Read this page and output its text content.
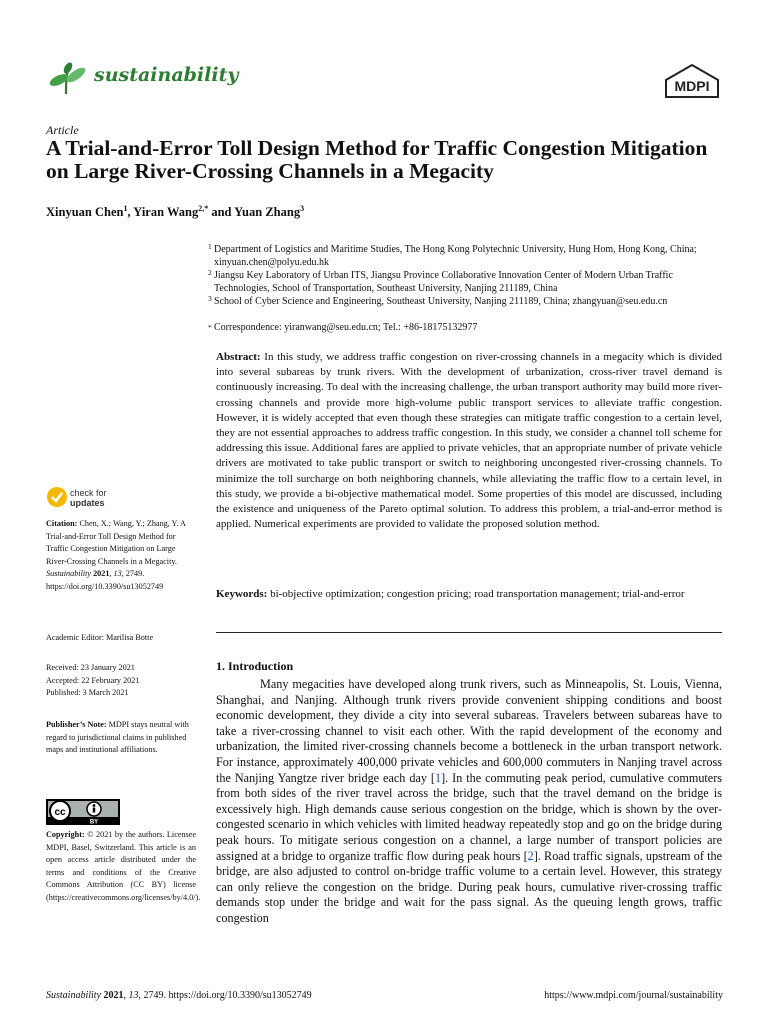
sustainability	MDPI
Article
A Trial-and-Error Toll Design Method for Traffic Congestion Mitigation on Large River-Crossing Channels in a Megacity
Xinyuan Chen$^1$, Yiran Wang$^{2,*}$ and Yuan Zhang$^3$
1 Department of Logistics and Maritime Studies, The Hong Kong Polytechnic University, Hung Hom, Hong Kong, China; xinyuan.chen@polyu.edu.hk
2 Jiangsu Key Laboratory of Urban ITS, Jiangsu Province Collaborative Innovation Center of Modern Urban Traffic Technologies, School of Transportation, Southeast University, Nanjing 211189, China
3 School of Cyber Science and Engineering, Southeast University, Nanjing 211189, China; zhangyuan@seu.edu.cn
* Correspondence: yiranwang@seu.edu.cn; Tel.: +86-18175132977
Abstract: In this study, we address traffic congestion on river-crossing channels in a megacity which is divided into several subareas by trunk rivers. With the development of urbanization, cross-river travel demand is continuously increasing. To deal with the increasing challenge, the urban transport authority may build more river-crossing channels and provide more high-volume public transport services to alleviate traffic congestion. However, it is widely accepted that even though these strategies can mitigate traffic congestion to a certain level, they are not essential approaches to address traffic congestion. In this study, we consider a channel toll scheme for addressing this issue. Additional fares are applied to private vehicles, that an appropriate number of private vehicle drivers are motivated to take public transport or switch to neighboring uncongested river-crossing channels. To minimize the toll surcharge on both neighboring channels, while alleviating the traffic flow to a certain level, in this study, we provide a bi-objective mathematical model. Some properties of this model are discussed, including the existence and uniqueness of the Pareto optimal solution. To address this problem, a trial-and-error method is applied. Numerical experiments are provided to validate the proposed solution method.
Keywords: bi-objective optimization; congestion pricing; road transportation management; trial-and-error
check for
updates
Citation: Chen, X.; Wang, Y.; Zhang, Y. A Trial-and-Error Toll Design Method for Traffic Congestion Mitigation on Large River-Crossing Channels in a Megacity. Sustainability 2021, 13, 2749. https://doi.org/10.3390/su13052749
Academic Editor: Marilisa Botte
Received: 23 January 2021
Accepted: 22 February 2021
Published: 3 March 2021
Publisher’s Note: MDPI stays neutral with regard to jurisdictional claims in published maps and institutional affiliations.
cc
BY
Copyright: © 2021 by the authors. Licensee MDPI, Basel, Switzerland. This article is an open access article distributed under the terms and conditions of the Creative Commons Attribution (CC BY) license (https://creativecommons.org/licenses/by/4.0/).
1. Introduction
Many megacities have developed along trunk rivers, such as Minneapolis, St. Louis, Vienna, Shanghai, and Nanjing. Although trunk rivers provide convenient shipping conditions and boost economic development, they divide a city into several subareas. Travelers between subareas have to take a river-crossing channel to visit each other. With the rapid development of the economy and urbanization, the limited river-crossing channels become a bottleneck in the urban transport network. For instance, approximately 400,000 private vehicles and 600,000 commuters in Nanjing travel across the Nanjing Yangtze river bridge each day [1]. In the commuting peak period, cumulative commuters from both sides of the river travel across the bridge, such that the travel demand on the bridge is excessively high. High demands cause serious congestion on the bridge, which is shown by the over-congested scenario in which vehicles with limited headway repeatedly stop and go on the bridge during peak hours. To mitigate serious congestion on a channel, a large number of transport policies are assigned at a bridge to organize traffic flow during peak hours [2]. Road traffic signals, upstream of the bridge, are also adjusted to control on-bridge traffic volume to a certain level. However, this strategy can only relieve the congestion on the bridge. During peak hours, cumulative river-crossing traffic demands stop under the bridge and wait for the pass signal. As the queuing length grows, traffic congestion
Sustainability 2021, 13, 2749. https://doi.org/10.3390/su13052749	https://www.mdpi.com/journal/sustainability
